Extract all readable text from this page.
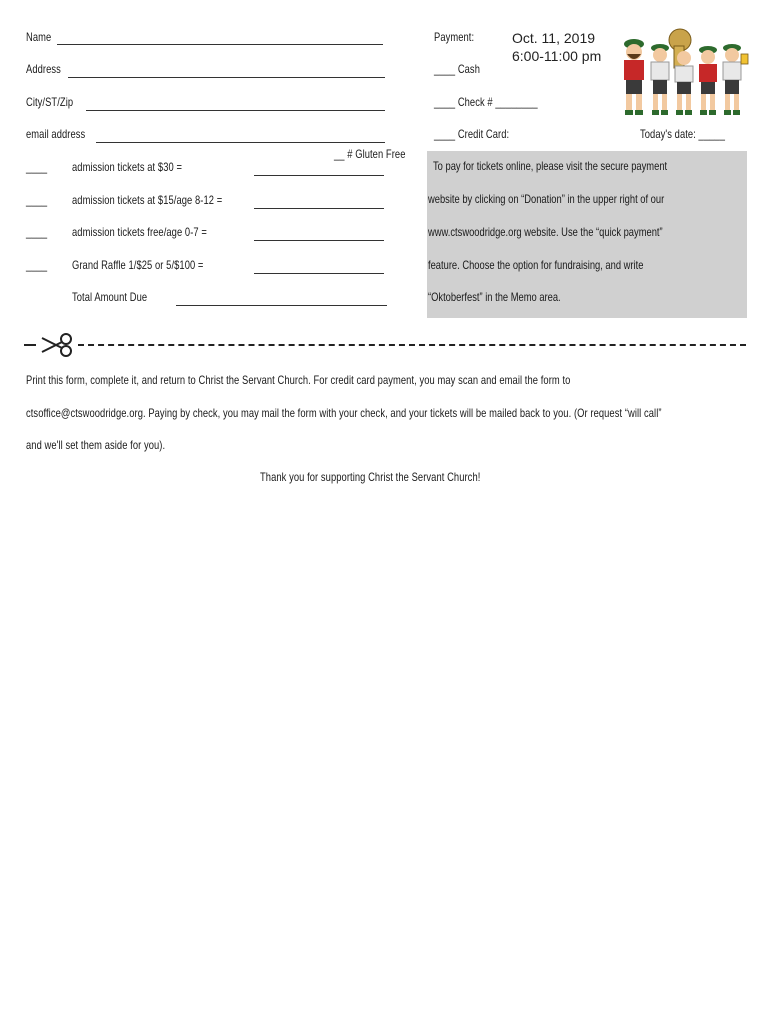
Name
Address
City/ST/Zip
email address
__ # Gluten Free
____ admission tickets at $30 =
____ admission tickets at $15/age 8-12 =
____ admission tickets free/age 0-7 =
____ Grand Raffle 1/$25 or 5/$100 =
Total Amount Due
Payment:
____ Cash
____ Check # ________
____ Credit Card:	Today's date: _____
Oct. 11, 2019
6:00-11:00 pm
To pay for tickets online, please visit the secure payment
website by clicking on “Donation” in the upper right of our
www.ctswoodridge.org website. Use the “quick payment”
feature. Choose the option for fundraising, and write
“Oktoberfest” in the Memo area.
Print this form, complete it, and return to Christ the Servant Church. For credit card payment, you may scan and email the form to
ctsoffice@ctswoodridge.org. Paying by check, you may mail the form with your check, and your tickets will be mailed back to you. (Or request “will call”
and we'll set them aside for you).
Thank you for supporting Christ the Servant Church!
